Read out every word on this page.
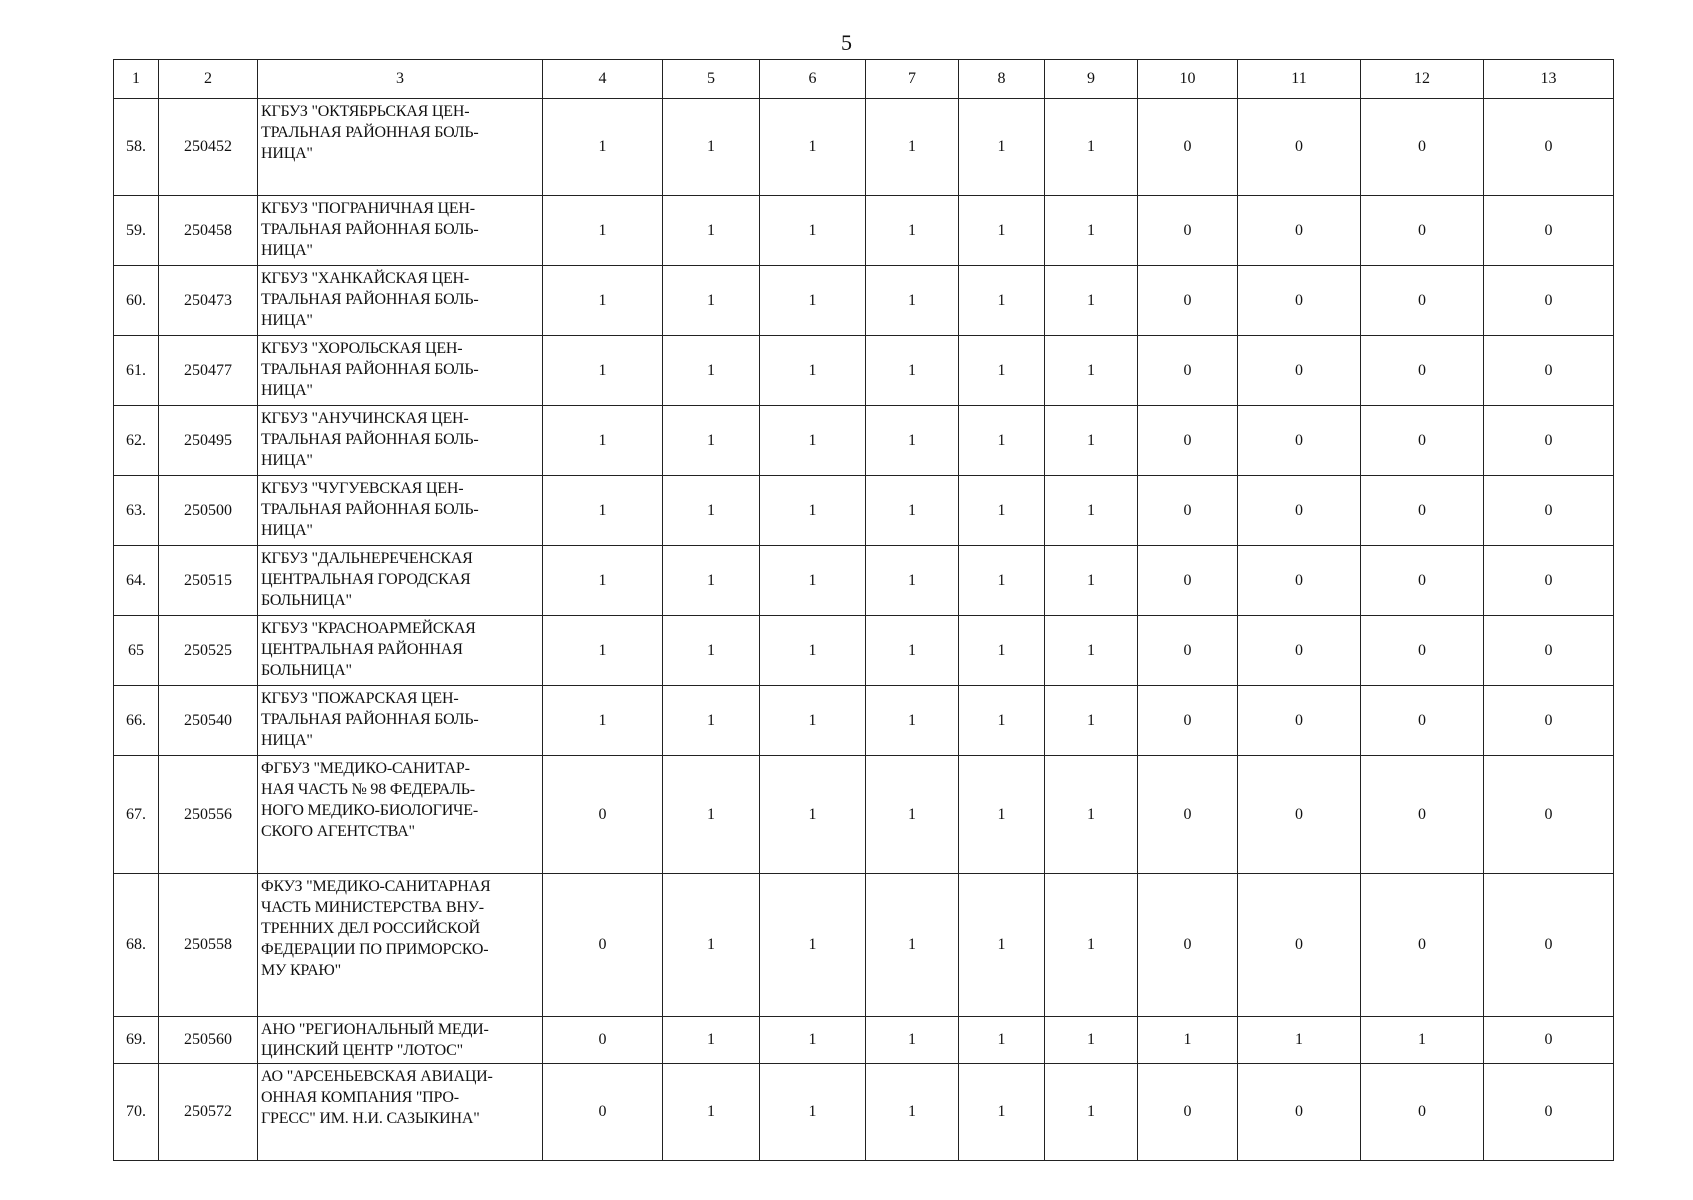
5
1	2	3	4	5	6	7	8	9	10	11	12	13
58.	250452	КГБУЗ "ОКТЯБРЬСКАЯ ЦЕН-
ТРАЛЬНАЯ РАЙОННАЯ БОЛЬ-
НИЦА"	1	1	1	1	1	1	0	0	0	0
59.	250458	КГБУЗ "ПОГРАНИЧНАЯ ЦЕН-
ТРАЛЬНАЯ РАЙОННАЯ БОЛЬ-
НИЦА"	1	1	1	1	1	1	0	0	0	0
60.	250473	КГБУЗ "ХАНКАЙСКАЯ ЦЕН-
ТРАЛЬНАЯ РАЙОННАЯ БОЛЬ-
НИЦА"	1	1	1	1	1	1	0	0	0	0
61.	250477	КГБУЗ "ХОРОЛЬСКАЯ ЦЕН-
ТРАЛЬНАЯ РАЙОННАЯ БОЛЬ-
НИЦА"	1	1	1	1	1	1	0	0	0	0
62.	250495	КГБУЗ "АНУЧИНСКАЯ ЦЕН-
ТРАЛЬНАЯ РАЙОННАЯ БОЛЬ-
НИЦА"	1	1	1	1	1	1	0	0	0	0
63.	250500	КГБУЗ "ЧУГУЕВСКАЯ ЦЕН-
ТРАЛЬНАЯ РАЙОННАЯ БОЛЬ-
НИЦА"	1	1	1	1	1	1	0	0	0	0
64.	250515	КГБУЗ "ДАЛЬНЕРЕЧЕНСКАЯ
ЦЕНТРАЛЬНАЯ ГОРОДСКАЯ
БОЛЬНИЦА"	1	1	1	1	1	1	0	0	0	0
65	250525	КГБУЗ "КРАСНОАРМЕЙСКАЯ
ЦЕНТРАЛЬНАЯ РАЙОННАЯ
БОЛЬНИЦА"	1	1	1	1	1	1	0	0	0	0
66.	250540	КГБУЗ "ПОЖАРСКАЯ ЦЕН-
ТРАЛЬНАЯ РАЙОННАЯ БОЛЬ-
НИЦА"	1	1	1	1	1	1	0	0	0	0
67.	250556	ФГБУЗ "МЕДИКО-САНИТАР-
НАЯ ЧАСТЬ № 98 ФЕДЕРАЛЬ-
НОГО МЕДИКО-БИОЛОГИЧЕ-
СКОГО АГЕНТСТВА"	0	1	1	1	1	1	0	0	0	0
68.	250558	ФКУЗ "МЕДИКО-САНИТАРНАЯ
ЧАСТЬ МИНИСТЕРСТВА ВНУ-
ТРЕННИХ ДЕЛ РОССИЙСКОЙ
ФЕДЕРАЦИИ ПО ПРИМОРСКО-
МУ КРАЮ"	0	1	1	1	1	1	0	0	0	0
69.	250560	АНО "РЕГИОНАЛЬНЫЙ МЕДИ-
ЦИНСКИЙ ЦЕНТР "ЛОТОС"	0	1	1	1	1	1	1	1	1	0
70.	250572	АО "АРСЕНЬЕВСКАЯ АВИАЦИ-
ОННАЯ КОМПАНИЯ "ПРО-
ГРЕСС" ИМ. Н.И. САЗЫКИНА"	0	1	1	1	1	1	0	0	0	0
